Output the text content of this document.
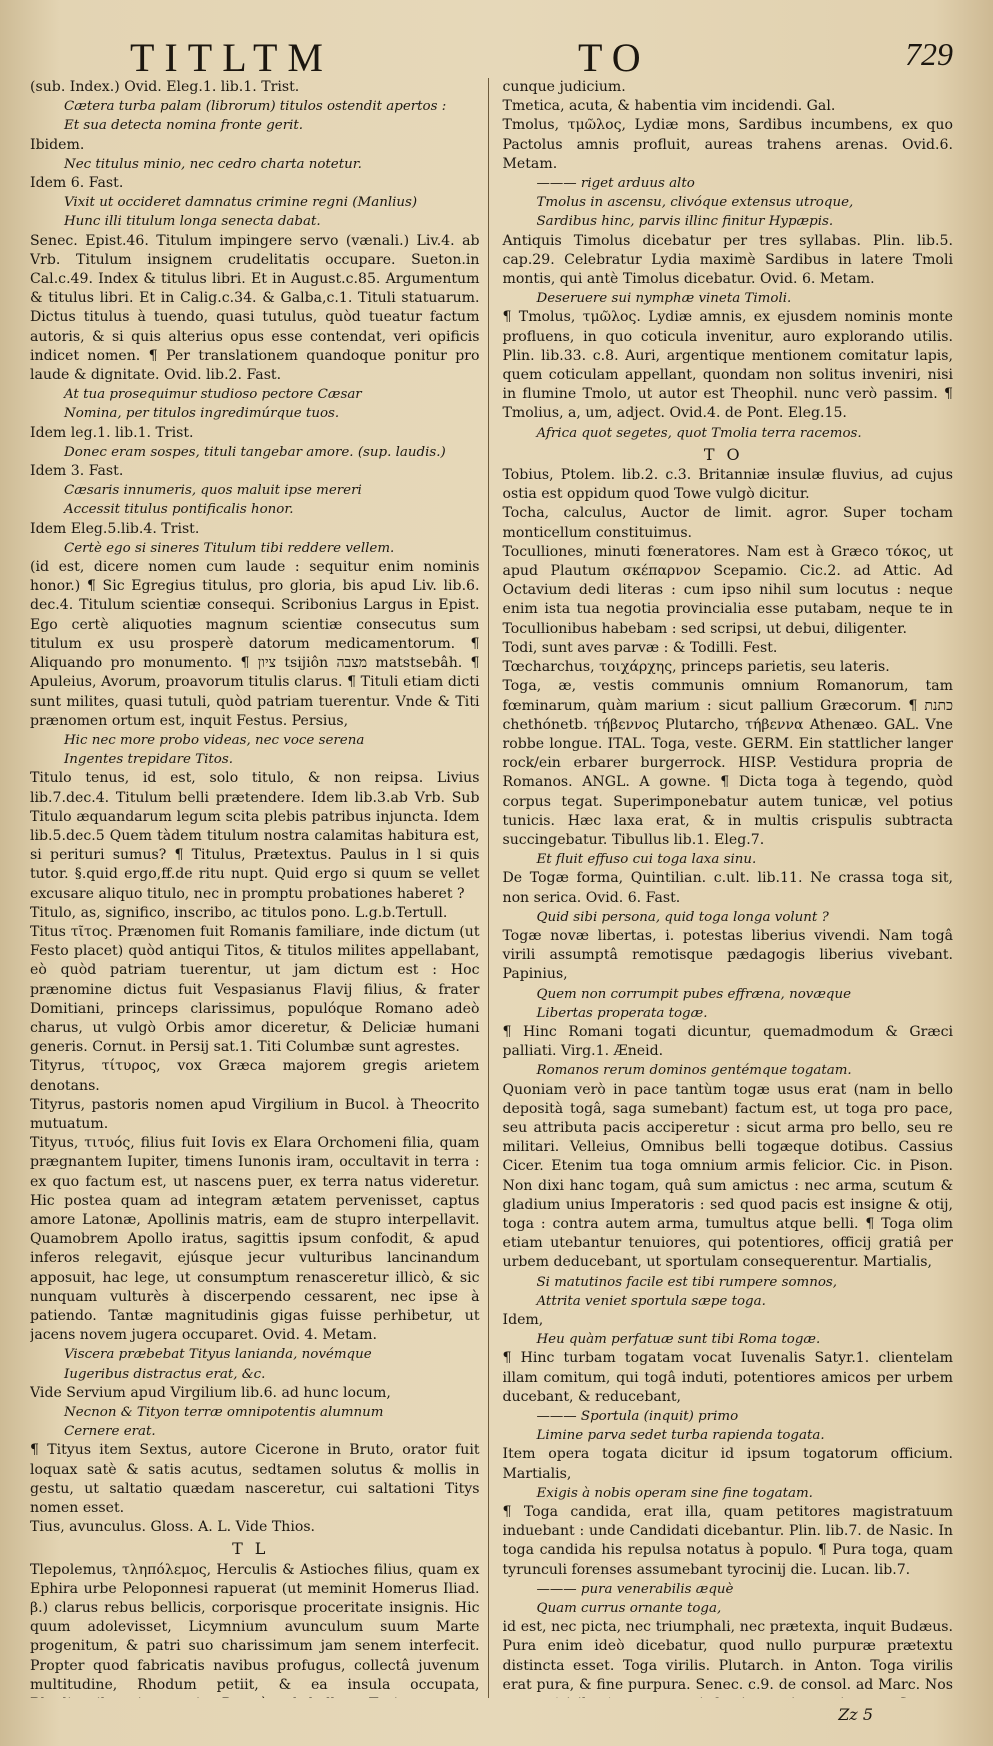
TITLTM	TO	729

(sub. Index.) Ovid. Eleg.1. lib.1. Trist.

Cætera turba palam (librorum) titulos ostendit apertos :

Et sua detecta nomina fronte gerit.

Ibidem.

Nec titulus minio, nec cedro charta notetur.

Idem 6. Fast.

Vixit ut occideret damnatus crimine regni (Manlius)

Hunc illi titulum longa senecta dabat.

Senec. Epist.46. Titulum impingere servo (vænali.) Liv.4. ab Vrb. Titulum insignem crudelitatis occupare. Sueton.in Cal.c.49. Index & titulus libri. Et in August.c.85. Argumentum & titulus libri. Et in Calig.c.34. & Galba,c.1. Tituli statuarum. Dictus titulus à tuendo, quasi tutulus, quòd tueatur factum autoris, & si quis alterius opus esse contendat, veri opificis indicet nomen. ¶ Per translationem quandoque ponitur pro laude & dignitate. Ovid. lib.2. Fast.

At tua prosequimur studioso pectore Cæsar

Nomina, per titulos ingredimúrque tuos.

Idem leg.1. lib.1. Trist.

Donec eram sospes, tituli tangebar amore. (sup. laudis.)

Idem 3. Fast.

Cæsaris innumeris, quos maluit ipse mereri

Accessit titulus pontificalis honor.

Idem Eleg.5.lib.4. Trist.

Certè ego si sineres Titulum tibi reddere vellem.

(id est, dicere nomen cum laude : sequitur enim nominis honor.) ¶ Sic Egregius titulus, pro gloria, bis apud Liv. lib.6. dec.4. Titulum scientiæ consequi. Scribonius Largus in Epist. Ego certè aliquoties magnum scientiæ consecutus sum titulum ex usu prosperè datorum medicamentorum. ¶ Aliquando pro monumento. ¶ ציון tsijiôn מצבה matstsebâh. ¶ Apuleius, Avorum, proavorum titulis clarus. ¶ Tituli etiam dicti sunt milites, quasi tutuli, quòd patriam tuerentur. Vnde & Titi prænomen ortum est, inquit Festus. Persius,

Hic nec more probo videas, nec voce serena

Ingentes trepidare Titos.

Titulo tenus, id est, solo titulo, & non reipsa. Livius lib.7.dec.4. Titulum belli prætendere. Idem lib.3.ab Vrb. Sub Titulo æquandarum legum scita plebis patribus injuncta. Idem lib.5.dec.5 Quem tàdem titulum nostra calamitas habitura est, si perituri sumus? ¶ Titulus, Prætextus. Paulus in l si quis tutor. §.quid ergo,ff.de ritu nupt. Quid ergo si quum se vellet excusare aliquo titulo, nec in promptu probationes haberet ?

Titulo, as, significo, inscribo, ac titulos pono. L.g.b.Tertull.

Titus τῖτος. Prænomen fuit Romanis familiare, inde dictum (ut Festo placet) quòd antiqui Titos, & titulos milites appellabant, eò quòd patriam tuerentur, ut jam dictum est : Hoc prænomine dictus fuit Vespasianus Flavij filius, & frater Domitiani, princeps clarissimus, populóque Romano adeò charus, ut vulgò Orbis amor diceretur, & Deliciæ humani generis. Cornut. in Persij sat.1. Titi Columbæ sunt agrestes.

Tityrus, τίτυρος, vox Græca majorem gregis arietem denotans.

Tityrus, pastoris nomen apud Virgilium in Bucol. à Theocrito mutuatum.

Tityus, τιτυός, filius fuit Iovis ex Elara Orchomeni filia, quam prægnantem Iupiter, timens Iunonis iram, occultavit in terra : ex quo factum est, ut nascens puer, ex terra natus videretur. Hic postea quam ad integram ætatem pervenisset, captus amore Latonæ, Apollinis matris, eam de stupro interpellavit. Quamobrem Apollo iratus, sagittis ipsum confodit, & apud inferos relegavit, ejúsque jecur vulturibus lancinandum apposuit, hac lege, ut consumptum renasceretur illicò, & sic nunquam vulturès à discerpendo cessarent, nec ipse à patiendo. Tantæ magnitudinis gigas fuisse perhibetur, ut jacens novem jugera occuparet. Ovid. 4. Metam.

Viscera præbebat Tityus lanianda, novémque

Iugeribus distractus erat, &c.

Vide Servium apud Virgilium lib.6. ad hunc locum,

Necnon & Tityon terræ omnipotentis alumnum

Cernere erat.

¶ Tityus item Sextus, autore Cicerone in Bruto, orator fuit loquax satè & satis acutus, sedtamen solutus & mollis in gestu, ut saltatio quædam nasceretur, cui saltationi Titys nomen esset.

Tius, avunculus. Gloss. A. L. Vide Thios.

TL

Tlepolemus, τληπόλεμος, Herculis & Astioches filius, quam ex Ephira urbe Peloponnesi rapuerat (ut meminit Homerus Iliad. β.) clarus rebus bellicis, corporisque proceritate insignis. Hic quum adolevisset, Licymnium avunculum suum Marte progenitum, & patri suo charissimum jam senem interfecit. Propter quod fabricatis navibus profugus, collectâ juvenum multitudine, Rhodum petiit, & ea insula occupata,

cunque judicium.

Tmetica, acuta, & habentia vim incidendi. Gal.

Tmolus, τμῶλος, Lydiæ mons, Sardibus incumbens, ex quo Pactolus amnis profluit, aureas trahens arenas. Ovid.6. Metam.

——— riget arduus alto

Tmolus in ascensu, clivóque extensus utroque,

Sardibus hinc, parvis illinc finitur Hypæpis.

Antiquis Timolus dicebatur per tres syllabas. Plin. lib.5. cap.29. Celebratur Lydia maximè Sardibus in latere Tmoli montis, qui antè Timolus dicebatur. Ovid. 6. Metam.

Deseruere sui nymphæ vineta Timoli.

¶ Tmolus, τμῶλος. Lydiæ amnis, ex ejusdem nominis monte profluens, in quo coticula invenitur, auro explorando utilis. Plin. lib.33. c.8. Auri, argentique mentionem comitatur lapis, quem coticulam appellant, quondam non solitus inveniri, nisi in flumine Tmolo, ut autor est Theophil. nunc verò passim. ¶ Tmolius, a, um, adject. Ovid.4. de Pont. Eleg.15.

Africa quot segetes, quot Tmolia terra racemos.

TO

Tobius, Ptolem. lib.2. c.3. Britanniæ insulæ fluvius, ad cujus ostia est oppidum quod Towe vulgò dicitur.

Tocha, calculus, Auctor de limit. agror. Super tocham monticellum constituimus.

Toculliones, minuti fœneratores. Nam est à Græco τόκος, ut apud Plautum σκέπαρνον Scepamio. Cic.2. ad Attic. Ad Octavium dedi literas : cum ipso nihil sum locutus : neque enim ista tua negotia provincialia esse putabam, neque te in Tocullionibus habebam : sed scripsi, ut debui, diligenter.

Todi, sunt aves parvæ : & Todilli. Fest.

Tœcharchus, τοιχάρχης, princeps parietis, seu lateris.

Toga, æ, vestis communis omnium Romanorum, tam fœminarum, quàm marium : sicut pallium Græcorum. ¶ כתנת chethónetb. τήβεννος Plutarcho, τήβεννα Athenæo. GAL. Vne robbe longue. ITAL. Toga, veste. GERM. Ein stattlicher langer rock/ein erbarer burgerrock. HISP. Vestidura propria de Romanos. ANGL. A gowne. ¶ Dicta toga à tegendo, quòd corpus tegat. Superimponebatur autem tunicæ, vel potius tunicis. Hæc laxa erat, & in multis crispulis subtracta succingebatur. Tibullus lib.1. Eleg.7.

Et fluit effuso cui toga laxa sinu.

De Togæ forma, Quintilian. c.ult. lib.11. Ne crassa toga sit, non serica. Ovid. 6. Fast.

Quid sibi persona, quid toga longa volunt ?

Togæ novæ libertas, i. potestas liberius vivendi. Nam togâ virili assumptâ remotisque pædagogis liberius vivebant. Papinius,

Quem non corrumpit pubes effræna, novæque

Libertas properata togæ.

¶ Hinc Romani togati dicuntur, quemadmodum & Græci palliati. Virg.1. Æneid.

Romanos rerum dominos gentémque togatam.

Quoniam verò in pace tantùm togæ usus erat (nam in bello deposità togâ, saga sumebant) factum est, ut toga pro pace, seu attributa pacis acciperetur : sicut arma pro bello, seu re militari. Velleius, Omnibus belli togæque dotibus. Cassius Cicer. Etenim tua toga omnium armis felicior. Cic. in Pison. Non dixi hanc togam, quâ sum amictus : nec arma, scutum & gladium unius Imperatoris : sed quod pacis est insigne & otij, toga : contra autem arma, tumultus atque belli. ¶ Toga olim etiam utebantur tenuiores, qui potentiores, officij gratiâ per urbem deducebant, ut sportulam consequerentur. Martialis,

Si matutinos facile est tibi rumpere somnos,

Attrita veniet sportula sæpe toga.

Idem,

Heu quàm perfatuæ sunt tibi Roma togæ.

¶ Hinc turbam togatam vocat Iuvenalis Satyr.1. clientelam illam comitum, qui togâ induti, potentiores amicos per urbem ducebant, & reducebant,

——— Sportula (inquit) primo

Limine parva sedet turba rapienda togata.

Item opera togata dicitur id ipsum togatorum officium. Martialis,

Exigis à nobis operam sine fine togatam.

¶ Toga candida, erat illa, quam petitores magistratuum induebant : unde Candidati dicebantur. Plin. lib.7. de Nasic. In toga candida his repulsa notatus à populo. ¶ Pura toga, quam tyrunculi forenses assumebant tyrocinij die. Lucan. lib.7.

——— pura venerabilis æquè

Quam currus ornante toga,

id est, nec picta, nec triumphali, nec prætexta, inquit Budæus. Pura enim ideò dicebatur, quod nullo purpuræ prætextu distincta esset. Toga virilis. Plutarch. in Anton. Toga virilis erat pura, & fine purpura. Senec. c.9. de consol. ad Marc. Nos

Zz 5
